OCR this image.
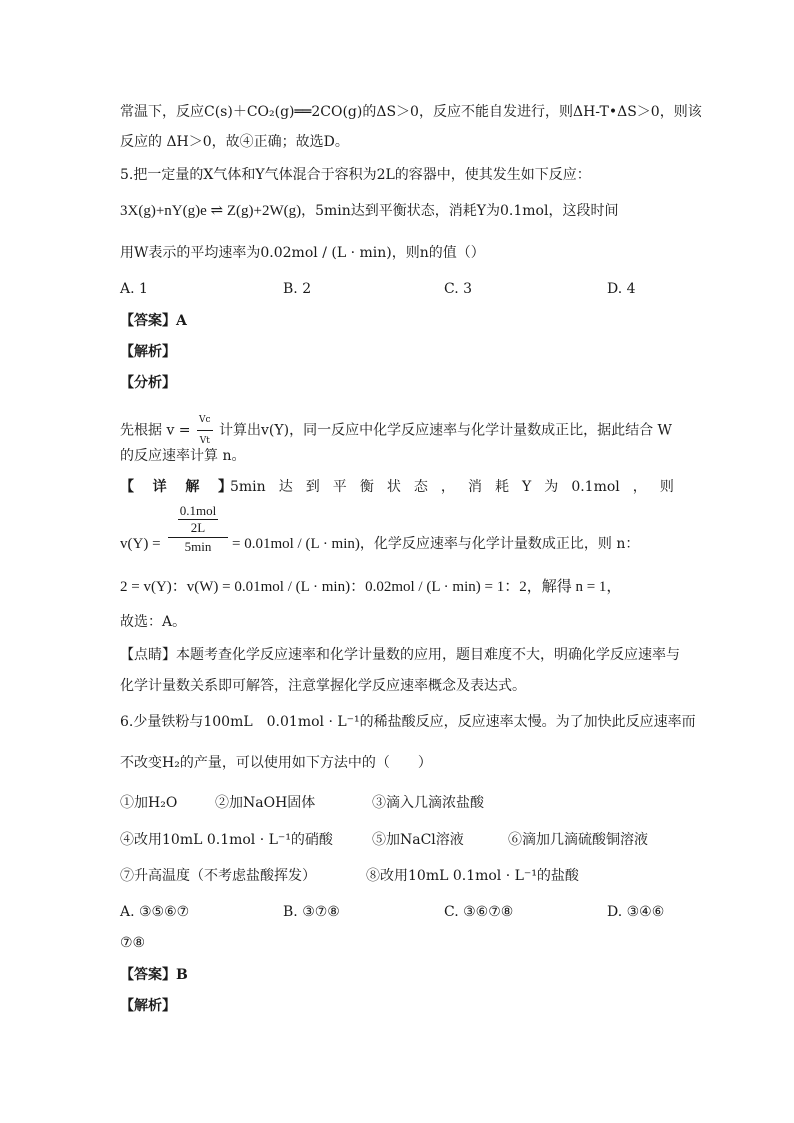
常温下，反应C(s)＋CO₂(g)══2CO(g)的ΔS＞0，反应不能自发进行，则ΔH-T•ΔS＞0，则该
反应的 ΔH＞0，故④正确；故选D。
5.把一定量的X气体和Y气体混合于容积为2L的容器中，使其发生如下反应：
3X(g)+nY(g)e ⇌ Z(g)+2W(g)，5min达到平衡状态，消耗Y为0.1mol，这段时间
用W表示的平均速率为0.02mol / (L · min)，则n的值（）
A. 1	B. 2	C. 3	D. 4
【答案】A
【解析】
【分析】
先根据 $v = \frac{Vc}{Vt}$ 计算出v(Y)，同一反应中化学反应速率与化学计量数成正比，据此结合 W
的反应速率计算 n。
【 详 解 】
5min 达 到 平 衡 状 态 ， 消 耗 Y 为 0.1mol ， 则
v(Y) =
0.1mol
2L
5min	= 0.01mol / (L · min)，化学反应速率与化学计量数成正比，则 n：
2 = v(Y)：v(W) = 0.01mol / (L · min)：0.02mol / (L · min) = 1：2，解得 n = 1，
故选：A。
【点睛】本题考查化学反应速率和化学计量数的应用，题目难度不大，明确化学反应速率与
化学计量数关系即可解答，注意掌握化学反应速率概念及表达式。
6.少量铁粉与100mL　0.01mol · L⁻¹的稀盐酸反应，反应速率太慢。为了加快此反应速率而
不改变H₂的产量，可以使用如下方法中的（　　）
①加H₂O	②加NaOH固体	③滴入几滴浓盐酸
④改用10mL 0.1mol · L⁻¹的硝酸	⑤加NaCl溶液	⑥滴加几滴硫酸铜溶液
⑦升高温度（不考虑盐酸挥发）	⑧改用10mL 0.1mol · L⁻¹的盐酸
A. ③⑤⑥⑦	B. ③⑦⑧	C. ③⑥⑦⑧	D. ③④⑥
⑦⑧
【答案】B
【解析】
